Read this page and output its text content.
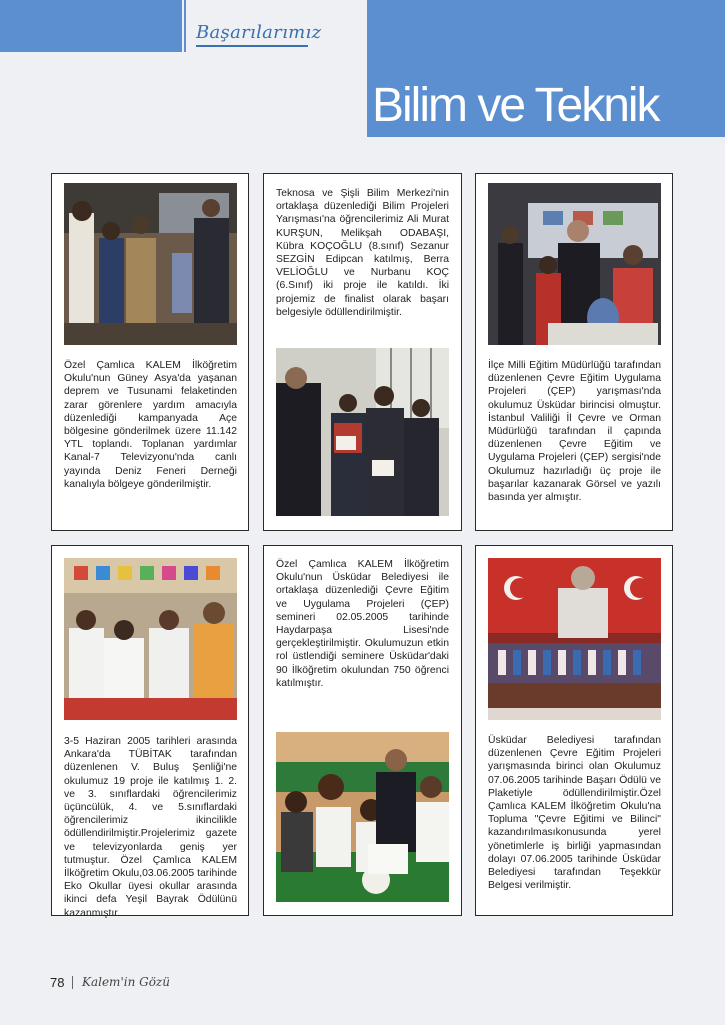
Başarılarımız
Bilim ve Teknik
Özel Çamlıca KALEM İlköğretim Okulu'nun Güney Asya'da yaşanan deprem ve Tusunami felaketinden zarar görenlere yardım amacıyla düzenlediği kampanyada Açe bölgesine gönderilmek üzere 11.142 YTL toplandı. Toplanan yardımlar Kanal-7 Televizyonu'nda canlı yayında Deniz Feneri Derneği kanalıyla bölgeye gönderilmiştir.
Teknosa ve Şişli Bilim Merkezi'nin ortaklaşa düzenlediği Bilim Projeleri Yarışması'na öğrencilerimiz Ali Murat KURŞUN, Melikşah ODABAŞI, Kübra KOÇOĞLU (8.sınıf) Sezanur SEZGİN Edipcan katılmış, Berra VELİOĞLU ve Nurbanu KOÇ (6.Sınıf) iki proje ile katıldı. İki projemiz de finalist olarak başarı belgesiyle ödüllendirilmiştir.
İlçe Milli Eğitim Müdürlüğü tarafından düzenlenen Çevre Eğitim Uygulama Projeleri (ÇEP) yarışması'nda okulumuz Üsküdar birincisi olmuştur. İstanbul Valiliği İl Çevre ve Orman Müdürlüğü tarafından il çapında düzenlenen Çevre Eğitim ve Uygulama Projeleri (ÇEP) sergisi'nde Okulumuz hazırladığı üç proje ile başarılar kazanarak Görsel ve yazılı basında yer almıştır.
3-5 Haziran 2005 tarihleri arasında Ankara'da TÜBİTAK tarafından düzenlenen V. Buluş Şenliği'ne okulumuz 19 proje ile katılmış 1. 2. ve 3. sınıflardaki öğrencilerimiz üçüncülük, 4. ve 5.sınıflardaki öğrencilerimiz ikincilikle ödüllendirilmiştir.Projelerimiz gazete ve televizyonlarda geniş yer tutmuştur. Özel Çamlıca KALEM İlköğretim Okulu,03.06.2005 tarihinde Eko Okullar üyesi okullar arasında ikinci defa Yeşil Bayrak Ödülünü kazanmıştır.
Özel Çamlıca KALEM İlköğretim Okulu'nun Üsküdar Belediyesi ile ortaklaşa düzenlediği Çevre Eğitim ve Uygulama Projeleri (ÇEP) semineri 02.05.2005 tarihinde Haydarpaşa Lisesi'nde gerçekleştirilmiştir. Okulumuzun etkin rol üstlendiği seminere Üsküdar'daki 90 İlköğretim okulundan 750 öğrenci katılmıştır.
Üsküdar Belediyesi tarafından düzenlenen Çevre Eğitim Projeleri yarışmasında birinci olan Okulumuz 07.06.2005 tarihinde Başarı Ödülü ve Plaketiyle ödüllendirilmiştir.Özel Çamlıca KALEM İlköğretim Okulu'na Topluma "Çevre Eğitimi ve Bilinci" kazandırılmasıkonusunda yerel yönetimlerle iş birliği yapmasından dolayı 07.06.2005 tarihinde Üsküdar Belediyesi tarafından Teşekkür Belgesi verilmiştir.
78 Kalem'in Gözü
